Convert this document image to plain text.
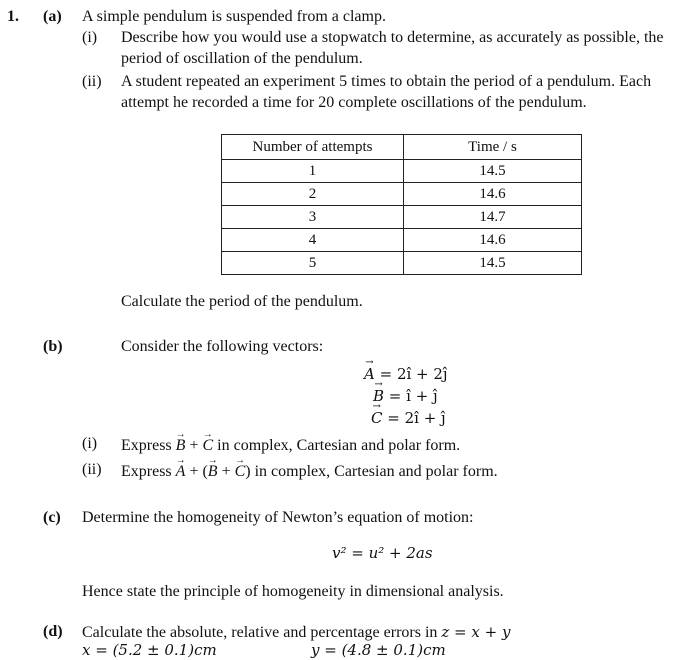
1. (a) A simple pendulum is suspended from a clamp.
(i) Describe how you would use a stopwatch to determine, as accurately as possible, the
period of oscillation of the pendulum.
(ii) A student repeated an experiment 5 times to obtain the period of a pendulum. Each
attempt he recorded a time for 20 complete oscillations of the pendulum.
Number of attempts	Time / s
1	14.5
2	14.6
3	14.7
4	14.6
5	14.5
Calculate the period of the pendulum.
(b)	Consider the following vectors:
→ A = 2î + 2ĵ
→ B = î + ĵ
→ C = 2î + ĵ
(i) Express → B + → C in complex, Cartesian and polar form.
(ii) Express → A + (→ B + → C) in complex, Cartesian and polar form.
(c) Determine the homogeneity of Newton’s equation of motion:
v² = u² + 2as
Hence state the principle of homogeneity in dimensional analysis.
(d) Calculate the absolute, relative and percentage errors in z = x + y
x = (5.2 ± 0.1)cm	y = (4.8 ± 0.1)cm
